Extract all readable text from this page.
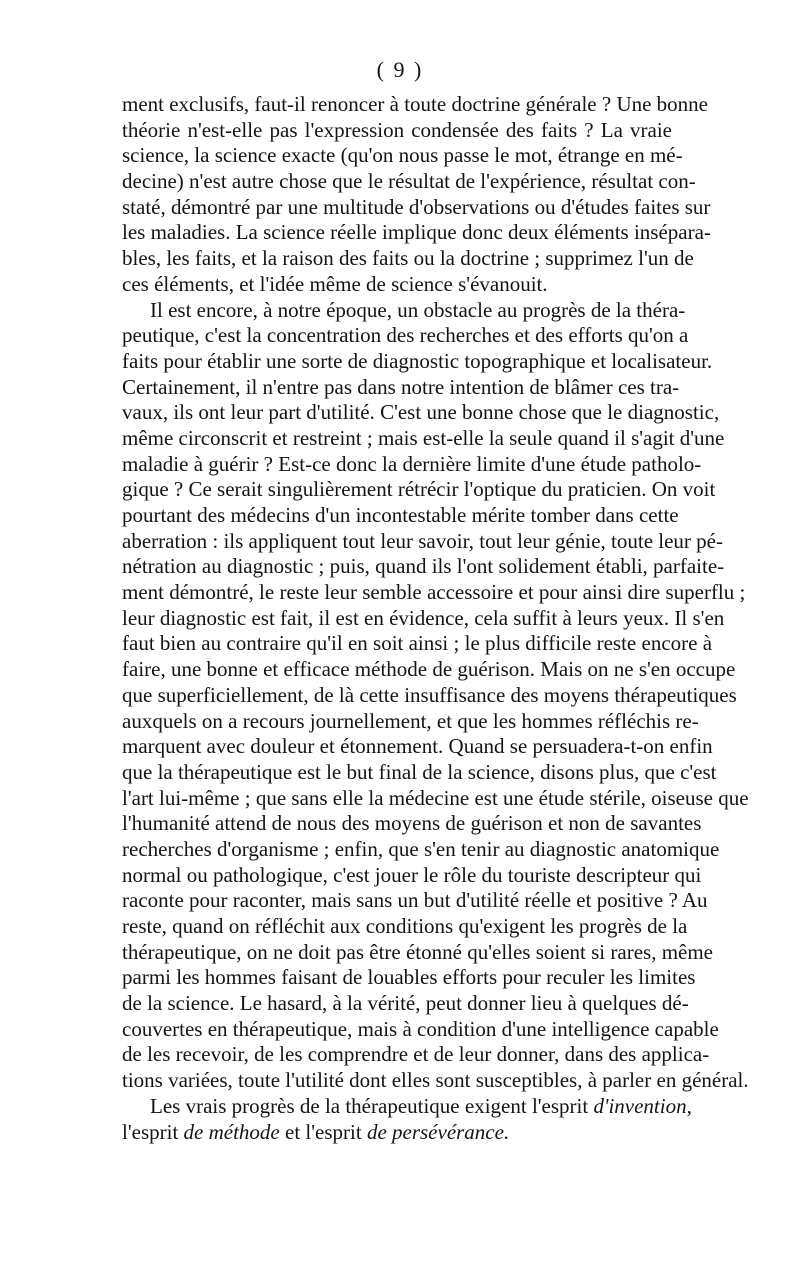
( 9 )
ment exclusifs, faut-il renoncer à toute doctrine générale ? Une bonne
théorie n'est-elle pas l'expression condensée des faits ? La vraie
science, la science exacte (qu'on nous passe le mot, étrange en mé-
decine) n'est autre chose que le résultat de l'expérience, résultat con-
staté, démontré par une multitude d'observations ou d'études faites sur
les maladies. La science réelle implique donc deux éléments insépara-
bles, les faits, et la raison des faits ou la doctrine ; supprimez l'un de
ces éléments, et l'idée même de science s'évanouit.
Il est encore, à notre époque, un obstacle au progrès de la théra-
peutique, c'est la concentration des recherches et des efforts qu'on a
faits pour établir une sorte de diagnostic topographique et localisateur.
Certainement, il n'entre pas dans notre intention de blâmer ces tra-
vaux, ils ont leur part d'utilité. C'est une bonne chose que le diagnostic,
même circonscrit et restreint ; mais est-elle la seule quand il s'agit d'une
maladie à guérir ? Est-ce donc la dernière limite d'une étude patholo-
gique ? Ce serait singulièrement rétrécir l'optique du praticien. On voit
pourtant des médecins d'un incontestable mérite tomber dans cette
aberration : ils appliquent tout leur savoir, tout leur génie, toute leur pé-
nétration au diagnostic ; puis, quand ils l'ont solidement établi, parfaite-
ment démontré, le reste leur semble accessoire et pour ainsi dire superflu ;
leur diagnostic est fait, il est en évidence, cela suffit à leurs yeux. Il s'en
faut bien au contraire qu'il en soit ainsi ; le plus difficile reste encore à
faire, une bonne et efficace méthode de guérison. Mais on ne s'en occupe
que superficiellement, de là cette insuffisance des moyens thérapeutiques
auxquels on a recours journellement, et que les hommes réfléchis re-
marquent avec douleur et étonnement. Quand se persuadera-t-on enfin
que la thérapeutique est le but final de la science, disons plus, que c'est
l'art lui-même ; que sans elle la médecine est une étude stérile, oiseuse que
l'humanité attend de nous des moyens de guérison et non de savantes
recherches d'organisme ; enfin, que s'en tenir au diagnostic anatomique
normal ou pathologique, c'est jouer le rôle du touriste descripteur qui
raconte pour raconter, mais sans un but d'utilité réelle et positive ? Au
reste, quand on réfléchit aux conditions qu'exigent les progrès de la
thérapeutique, on ne doit pas être étonné qu'elles soient si rares, même
parmi les hommes faisant de louables efforts pour reculer les limites
de la science. Le hasard, à la vérité, peut donner lieu à quelques dé-
couvertes en thérapeutique, mais à condition d'une intelligence capable
de les recevoir, de les comprendre et de leur donner, dans des applica-
tions variées, toute l'utilité dont elles sont susceptibles, à parler en général.
Les vrais progrès de la thérapeutique exigent l'esprit d'invention,
l'esprit de méthode et l'esprit de persévérance.
